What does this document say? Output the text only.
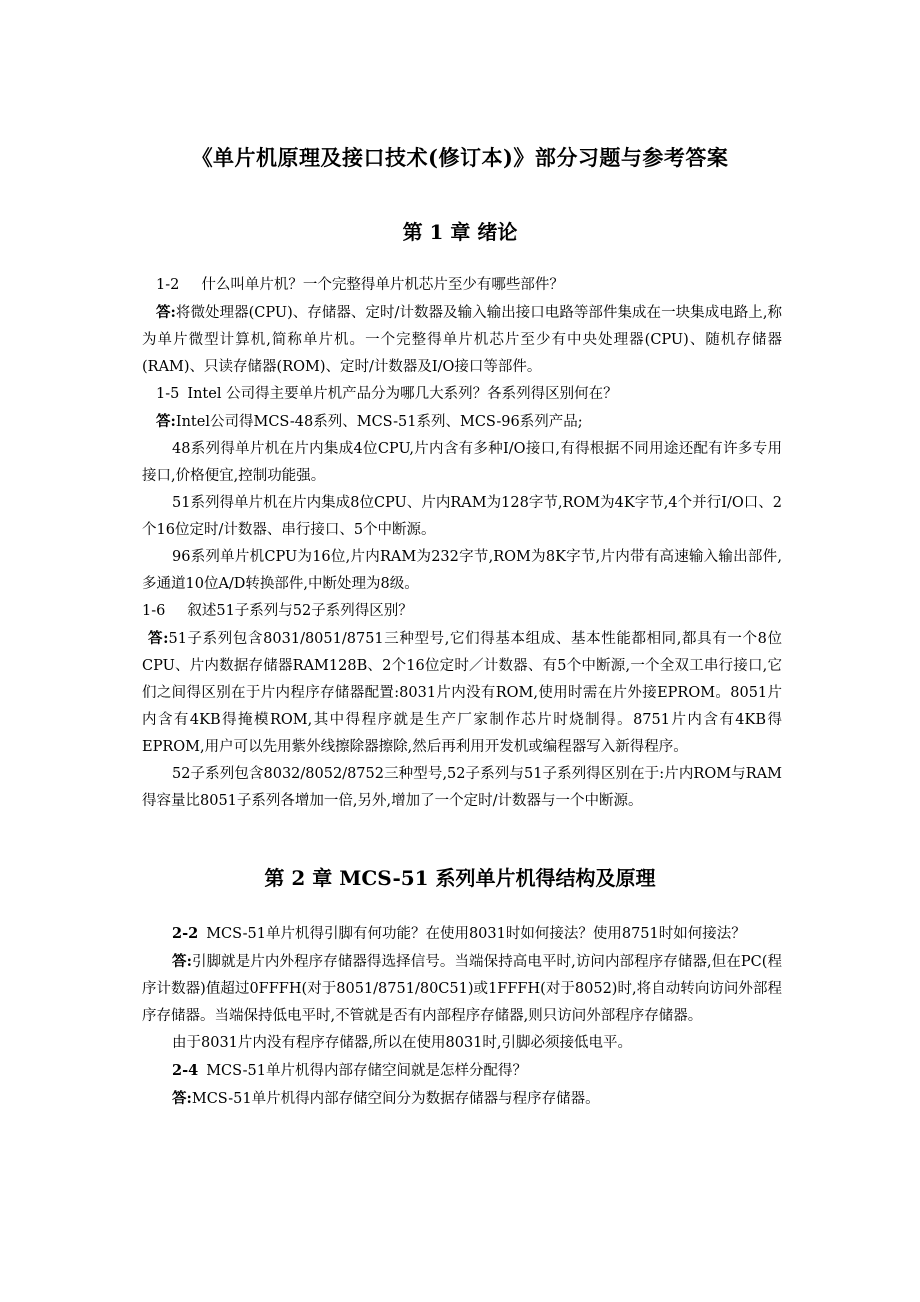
《单片机原理及接口技术(修订本)》部分习题与参考答案
第 1 章 绪论

1-2 什么叫单片机？一个完整得单片机芯片至少有哪些部件？

答:将微处理器(CPU)、存储器、定时/计数器及输入输出接口电路等部件集成在一块集成电路上,称为单片微型计算机,简称单片机。一个完整得单片机芯片至少有中央处理器(CPU)、随机存储器(RAM)、只读存储器(ROM)、定时/计数器及I/O接口等部件。

1-5 Intel 公司得主要单片机产品分为哪几大系列？各系列得区别何在？

答:Intel公司得MCS-48系列、MCS-51系列、MCS-96系列产品;

48系列得单片机在片内集成4位CPU,片内含有多种I/O接口,有得根据不同用途还配有许多专用接口,价格便宜,控制功能强。

51系列得单片机在片内集成8位CPU、片内RAM为128字节,ROM为4K字节,4个并行I/O口、2个16位定时/计数器、串行接口、5个中断源。

96系列单片机CPU为16位,片内RAM为232字节,ROM为8K字节,片内带有高速输入输出部件,多通道10位A/D转换部件,中断处理为8级。

1-6 叙述51子系列与52子系列得区别？

答:51子系列包含8031/8051/8751三种型号,它们得基本组成、基本性能都相同,都具有一个8位CPU、片内数据存储器RAM128B、2个16位定时／计数器、有5个中断源,一个全双工串行接口,它们之间得区别在于片内程序存储器配置:8031片内没有ROM,使用时需在片外接EPROM。8051片内含有4KB得掩模ROM,其中得程序就是生产厂家制作芯片时烧制得。8751片内含有4KB得EPROM,用户可以先用紫外线擦除器擦除,然后再利用开发机或编程器写入新得程序。

52子系列包含8032/8052/8752三种型号,52子系列与51子系列得区别在于:片内ROM与RAM得容量比8051子系列各增加一倍,另外,增加了一个定时/计数器与一个中断源。

第 2 章 MCS-51 系列单片机得结构及原理

2-2 MCS-51单片机得引脚有何功能？在使用8031时如何接法？使用8751时如何接法？

答:引脚就是片内外程序存储器得选择信号。当端保持高电平时,访问内部程序存储器,但在PC(程序计数器)值超过0FFFH(对于8051/8751/80C51)或1FFFH(对于8052)时,将自动转向访问外部程序存储器。当端保持低电平时,不管就是否有内部程序存储器,则只访问外部程序存储器。

由于8031片内没有程序存储器,所以在使用8031时,引脚必须接低电平。

2-4 MCS-51单片机得内部存储空间就是怎样分配得？

答:MCS-51单片机得内部存储空间分为数据存储器与程序存储器。
